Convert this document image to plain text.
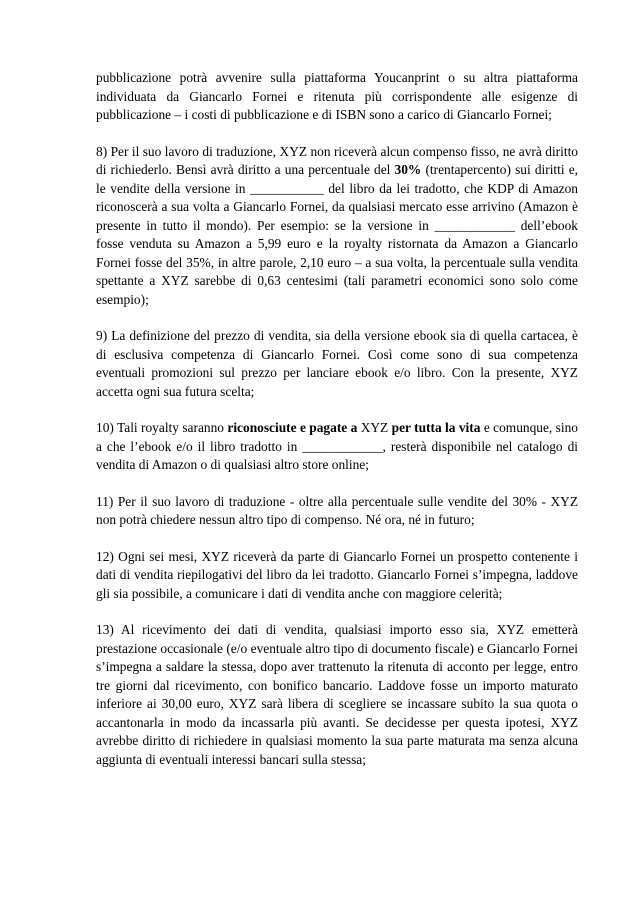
pubblicazione potrà avvenire sulla piattaforma Youcanprint o su altra piattaforma individuata da Giancarlo Fornei e ritenuta più corrispondente alle esigenze di pubblicazione – i costi di pubblicazione e di ISBN sono a carico di Giancarlo Fornei;

8) Per il suo lavoro di traduzione, XYZ non riceverà alcun compenso fisso, ne avrà diritto di richiederlo. Bensì avrà diritto a una percentuale del 30% (trentapercento) sui diritti e, le vendite della versione in ___________ del libro da lei tradotto, che KDP di Amazon riconoscerà a sua volta a Giancarlo Fornei, da qualsiasi mercato esse arrivino (Amazon è presente in tutto il mondo). Per esempio: se la versione in ____________ dell’ebook fosse venduta su Amazon a 5,99 euro e la royalty ristornata da Amazon a Giancarlo Fornei fosse del 35%, in altre parole, 2,10 euro – a sua volta, la percentuale sulla vendita spettante a XYZ sarebbe di 0,63 centesimi (tali parametri economici sono solo come esempio);

9) La definizione del prezzo di vendita, sia della versione ebook sia di quella cartacea, è di esclusiva competenza di Giancarlo Fornei. Così come sono di sua competenza eventuali promozioni sul prezzo per lanciare ebook e/o libro. Con la presente, XYZ accetta ogni sua futura scelta;

10) Tali royalty saranno riconosciute e pagate a XYZ per tutta la vita e comunque, sino a che l’ebook e/o il libro tradotto in ____________, resterà disponibile nel catalogo di vendita di Amazon o di qualsiasi altro store online;

11) Per il suo lavoro di traduzione - oltre alla percentuale sulle vendite del 30% - XYZ non potrà chiedere nessun altro tipo di compenso. Né ora, né in futuro;

12) Ogni sei mesi, XYZ riceverà da parte di Giancarlo Fornei un prospetto contenente i dati di vendita riepilogativi del libro da lei tradotto. Giancarlo Fornei s’impegna, laddove gli sia possibile, a comunicare i dati di vendita anche con maggiore celerità;

13) Al ricevimento dei dati di vendita, qualsiasi importo esso sia, XYZ emetterà prestazione occasionale (e/o eventuale altro tipo di documento fiscale) e Giancarlo Fornei s’impegna a saldare la stessa, dopo aver trattenuto la ritenuta di acconto per legge, entro tre giorni dal ricevimento, con bonifico bancario. Laddove fosse un importo maturato inferiore ai 30,00 euro, XYZ sarà libera di scegliere se incassare subito la sua quota o accantonarla in modo da incassarla più avanti. Se decidesse per questa ipotesi, XYZ avrebbe diritto di richiedere in qualsiasi momento la sua parte maturata ma senza alcuna aggiunta di eventuali interessi bancari sulla stessa;
